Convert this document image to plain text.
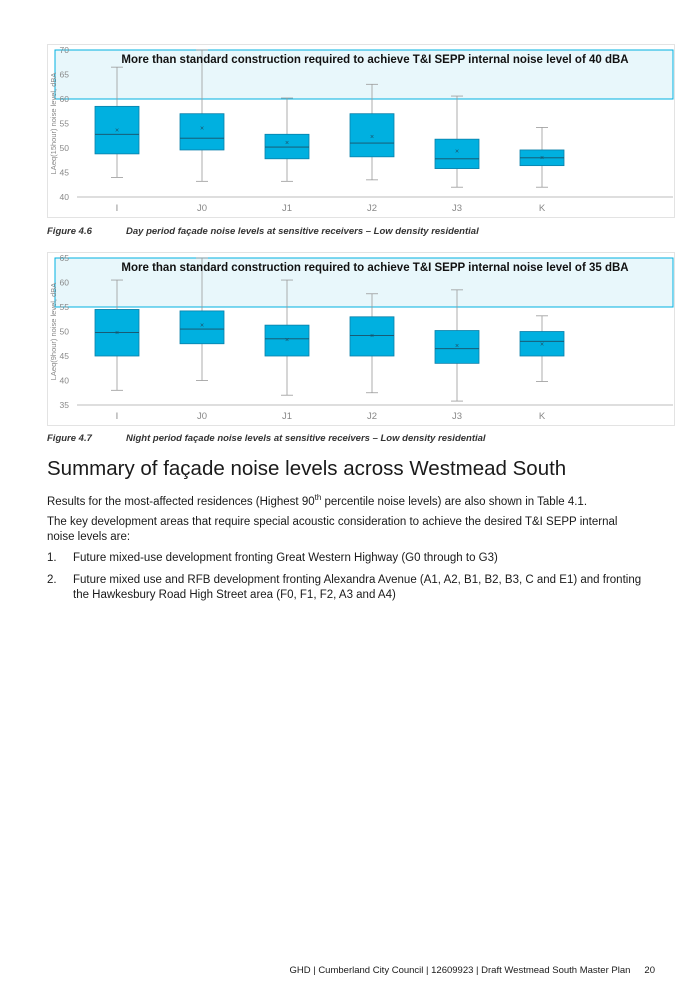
LAeq(15hour) noise level, dBA
40
45
50
55
60
65
70
×
I
×
J0
×
J1
×
J2
×
J3
×
K
More than standard construction required to achieve T&I SEPP internal noise level of 40 dBA
Figure 4.6	Day period façade noise levels at sensitive receivers – Low density residential
LAeq(9hour) noise level, dBA
35
40
45
50
55
60
65
×
I
×
J0
×
J1
×
J2
×
J3
×
K
More than standard construction required to achieve T&I SEPP internal noise level of 35 dBA
Figure 4.7	Night period façade noise levels at sensitive receivers – Low density residential
Summary of façade noise levels across Westmead South

Results for the most-affected residences (Highest 90th percentile noise levels) are also shown in Table 4.1.

The key development areas that require special acoustic consideration to achieve the desired T&I SEPP internal noise levels are:

1. Future mixed-use development fronting Great Western Highway (G0 through to G3)
2. Future mixed use and RFB development fronting Alexandra Avenue (A1, A2, B1, B2, B3, C and E1) and fronting the Hawkesbury Road High Street area (F0, F1, F2, A3 and A4)
GHD | Cumberland City Council | 12609923 | Draft Westmead South Master Plan 20
